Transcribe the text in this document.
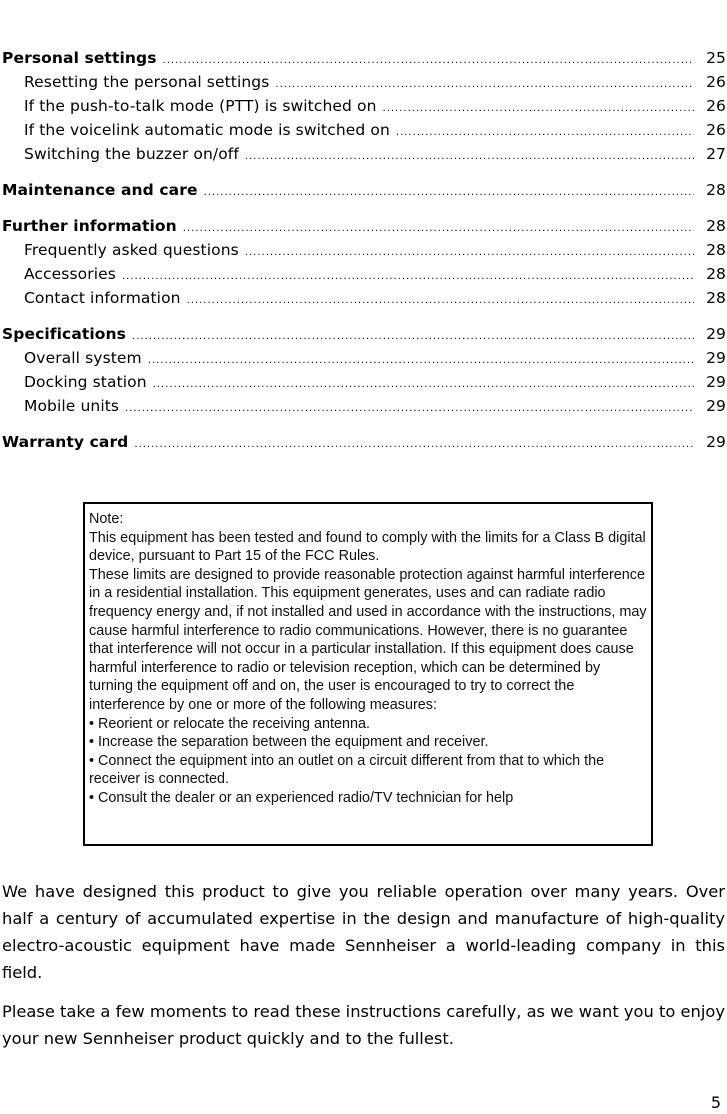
Personal settings .....	25
Resetting the personal settings .....	26
If the push-to-talk mode (PTT) is switched on .....	26
If the voicelink automatic mode is switched on .....	26
Switching the buzzer on/off .....	27
Maintenance and care .....	28
Further information .....	28
Frequently asked questions .....	28
Accessories .....	28
Contact information .....	28
Specifications .....	29
Overall system .....	29
Docking station .....	29
Mobile units .....	29
Warranty card .....	29

Note:

This equipment has been tested and found to comply with the limits for a Class B digital device, pursuant to Part 15 of the FCC Rules.

These limits are designed to provide reasonable protection against harmful interference in a residential installation. This equipment generates, uses and can radiate radio frequency energy and, if not installed and used in accordance with the instructions, may cause harmful interference to radio communications. However, there is no guarantee that interference will not occur in a particular installation. If this equipment does cause harmful interference to radio or television reception, which can be determined by turning the equipment off and on, the user is encouraged to try to correct the interference by one or more of the following measures:

• Reorient or relocate the receiving antenna.

• Increase the separation between the equipment and receiver.

• Connect the equipment into an outlet on a circuit different from that to which the receiver is connected.

• Consult the dealer or an experienced radio/TV technician for help

We have designed this product to give you reliable operation over many years. Over half a century of accumulated expertise in the design and manufacture of high-quality electro-acoustic equipment have made Sennheiser a world-leading company in this field.

Please take a few moments to read these instructions carefully, as we want you to enjoy your new Sennheiser product quickly and to the fullest.

5
